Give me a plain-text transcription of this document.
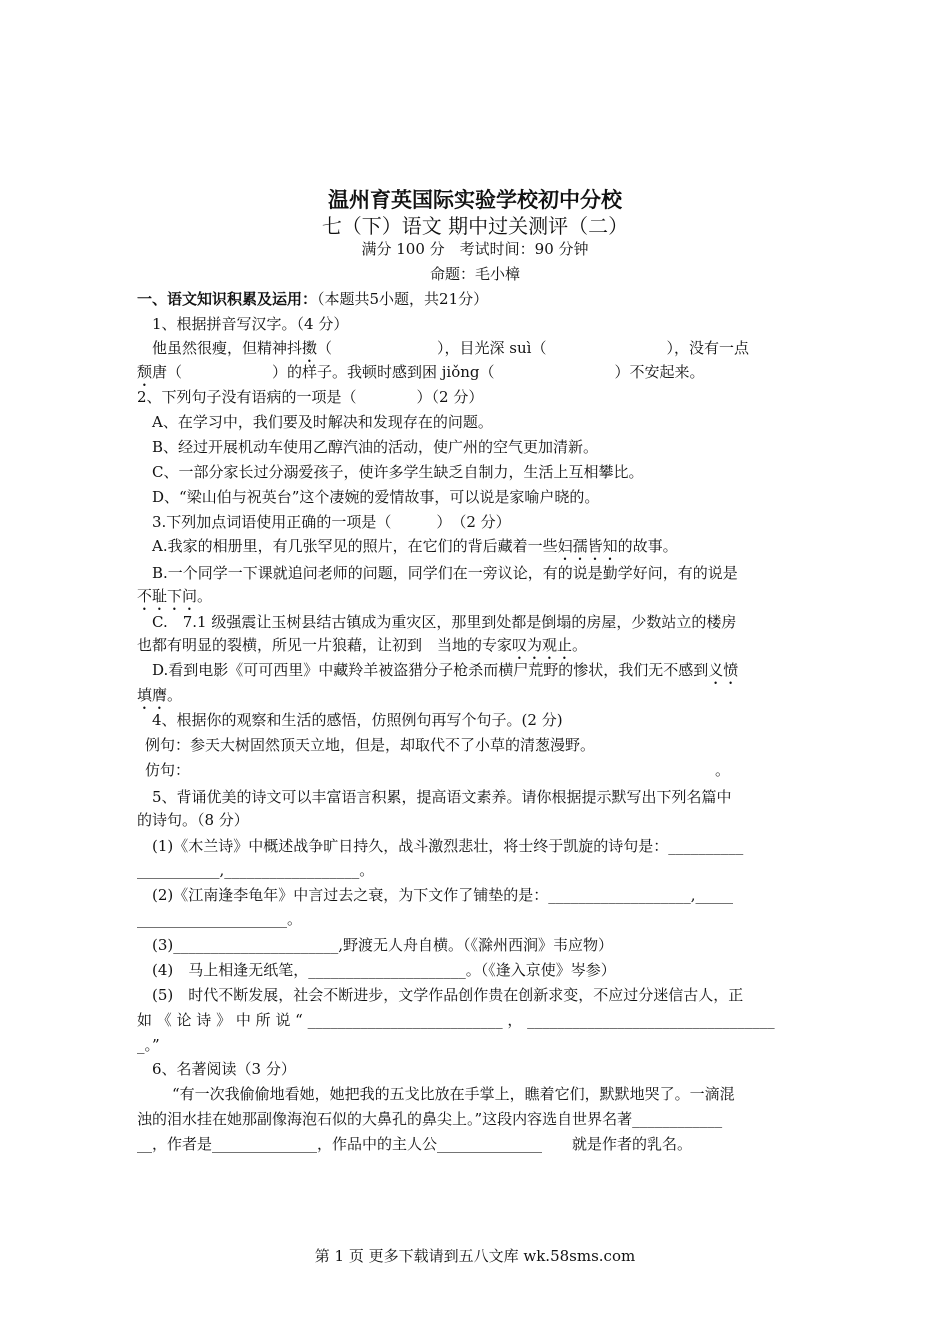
温州育英国际实验学校初中分校
七（下）语文 期中过关测评（二）
满分 100 分　考试时间：90 分钟
命题：毛小樟
一、语文知识积累及运用：（本题共5小题，共21分）
1、根据拼音写汉字。（4 分）
他虽然很瘦，但精神抖擞（　　　　　　　），目光深 suì（　　　　　　　　），没有一点
颓唐（　　　　　　）的样子。我顿时感到困 jiǒng（　　　　　　　　）不安起来。
2、下列句子没有语病的一项是（　　　　）（2 分）
A、在学习中，我们要及时解决和发现存在的问题。
B、经过开展机动车使用乙醇汽油的活动，使广州的空气更加清新。
C、一部分家长过分溺爱孩子，使许多学生缺乏自制力，生活上互相攀比。
D、“梁山伯与祝英台”这个凄婉的爱情故事，可以说是家喻户晓的。
3.下列加点词语使用正确的一项是（　　　）　（2 分）
A.我家的相册里，有几张罕见的照片，在它们的背后藏着一些妇孺皆知的故事。
B.一个同学一下课就追问老师的问题，同学们在一旁议论，有的说是勤学好问，有的说是
不耻下问。
C.　7.1 级强震让玉树县结古镇成为重灾区，那里到处都是倒塌的房屋，少数站立的楼房
也都有明显的裂横，所见一片狼藉，让初到　当地的专家叹为观止。
D.看到电影《可可西里》中藏羚羊被盗猎分子枪杀而横尸荒野的惨状，我们无不感到义愤
填膺。
4、根据你的观察和生活的感悟，仿照例句再写个句子。(2 分)
例句：参天大树固然顶天立地，但是，却取代不了小草的清葱漫野。
仿句：	。
5、背诵优美的诗文可以丰富语言积累，提高语文素养。请你根据提示默写出下列名篇中
的诗句。（8 分）
(1)《木兰诗》中概述战争旷日持久，战斗激烈悲壮，将士终于凯旋的诗句是：__________
___________,__________________。
(2)《江南逢李龟年》中言过去之衰，为下文作了铺垫的是：___________________,_____
____________________。
(3)______________________,野渡无人舟自横。（《滁州西涧》韦应物）
(4)　马上相逢无纸笔，_____________________。（《逢入京使》岑参）
(5)　时代不断发展，社会不断进步，文学作品创作贵在创新求变，不应过分迷信古人，正
如 《 论 诗 》 中 所 说 “ __________________________ ， _________________________________
_。”
6、名著阅读（3 分）
“有一次我偷偷地看她，她把我的五戈比放在手掌上，瞧着它们，默默地哭了。一滴混
浊的泪水挂在她那副像海泡石似的大鼻孔的鼻尖上。”这段内容选自世界名著____________
__，作者是______________，作品中的主人公______________　　就是作者的乳名。
第 1 页 更多下载请到五八文库 wk.58sms.com
